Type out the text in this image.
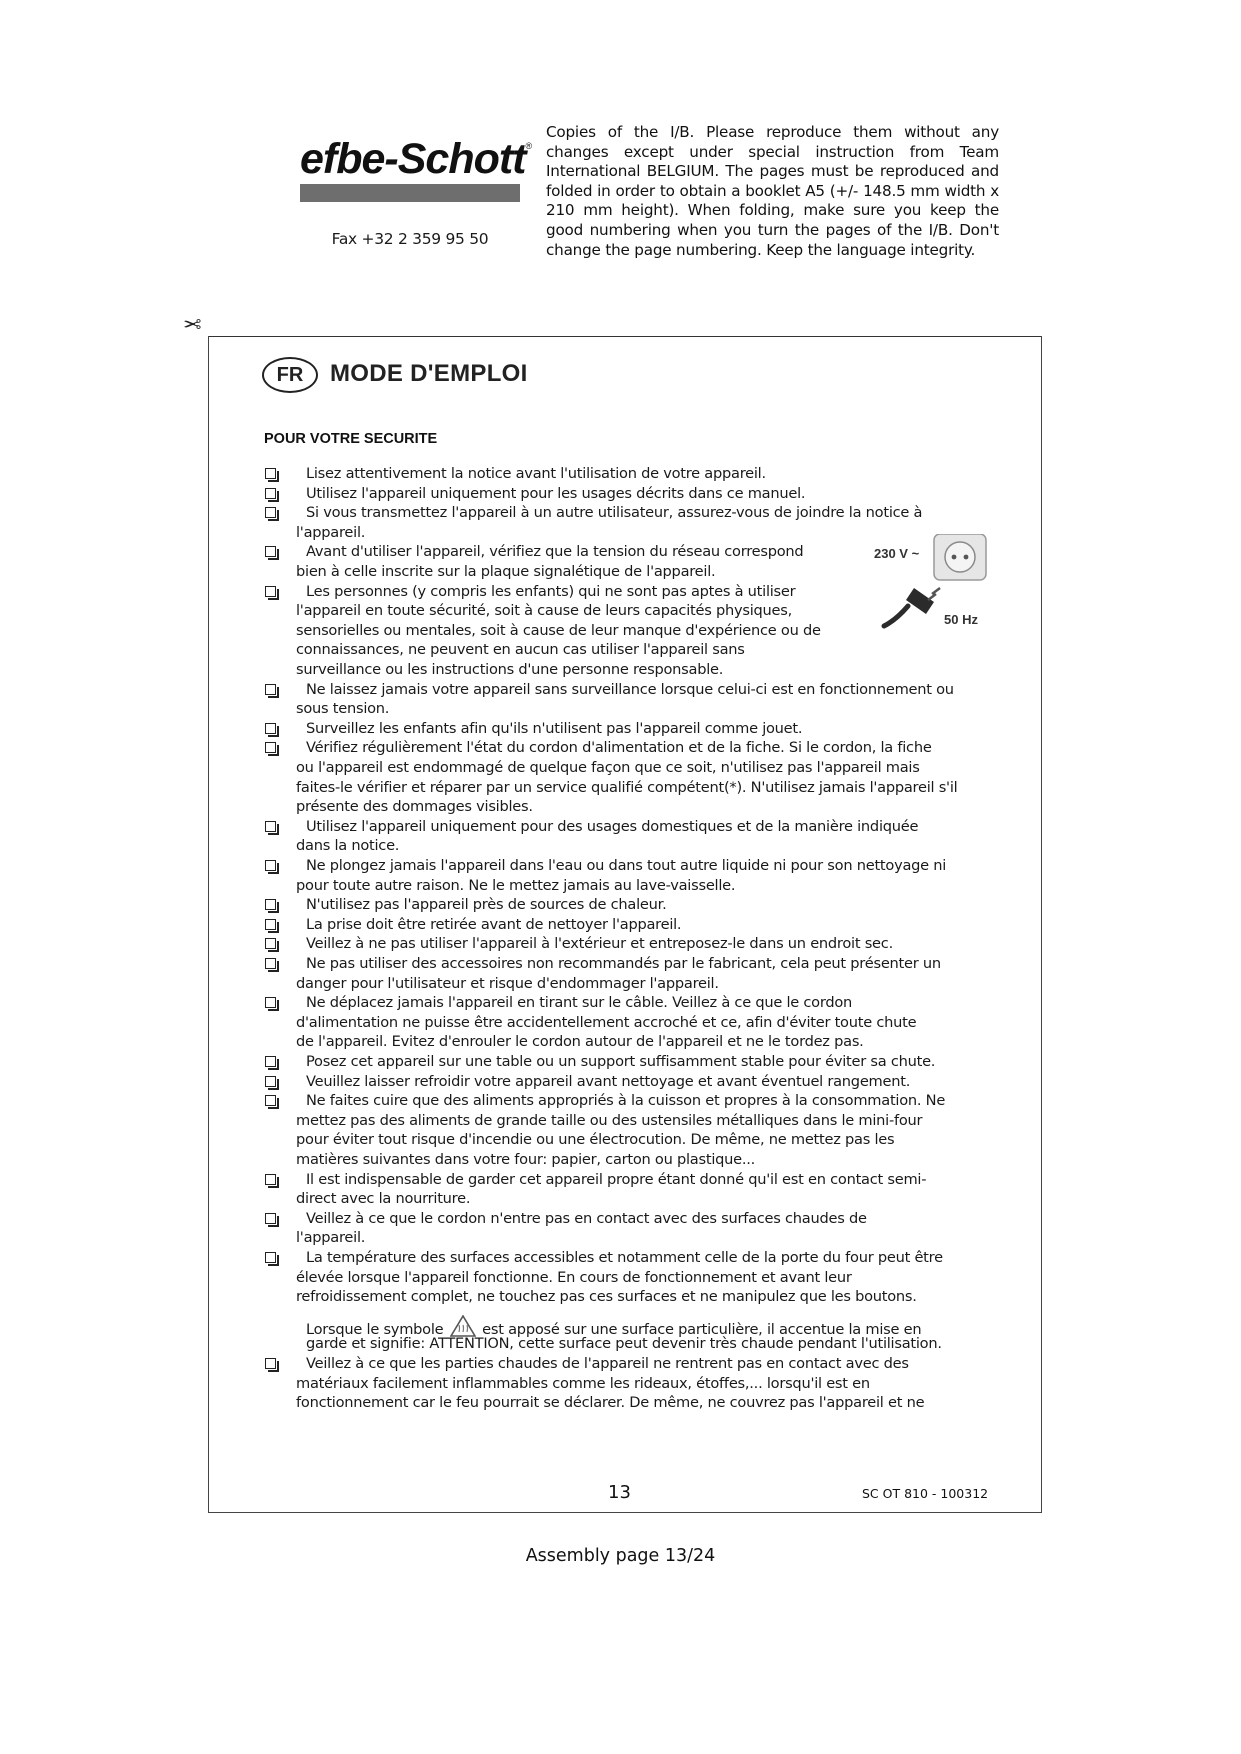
efbe-Schott®
Fax +32 2 359 95 50
Copies of the I/B. Please reproduce them without any changes except under special instruction from Team International BELGIUM. The pages must be reproduced and folded in order to obtain a booklet A5 (+/- 148.5 mm width x 210 mm height). When folding, make sure you keep the good numbering when you turn the pages of the I/B. Don't change the page numbering. Keep the language integrity.
✂
FR	MODE D'EMPLOI
POUR VOTRE SECURITE
Lisez attentivement la notice avant l'utilisation de votre appareil.
Utilisez l'appareil uniquement pour les usages décrits dans ce manuel.
Si vous transmettez l'appareil à un autre utilisateur, assurez-vous de joindre la notice à
l'appareil.
Avant d'utiliser l'appareil, vérifiez que la tension du réseau correspond
bien à celle inscrite sur la plaque signalétique de l'appareil.
Les personnes (y compris les enfants) qui ne sont pas aptes à utiliser
l'appareil en toute sécurité, soit à cause de leurs capacités physiques,
sensorielles ou mentales, soit à cause de leur manque d'expérience ou de
connaissances, ne peuvent en aucun cas utiliser l'appareil sans
surveillance ou les instructions d'une personne responsable.
Ne laissez jamais votre appareil sans surveillance lorsque celui-ci est en fonctionnement ou
sous tension.
Surveillez les enfants afin qu'ils n'utilisent pas l'appareil comme jouet.
Vérifiez régulièrement l'état du cordon d'alimentation et de la fiche. Si le cordon, la fiche
ou l'appareil est endommagé de quelque façon que ce soit, n'utilisez pas l'appareil mais
faites-le vérifier et réparer par un service qualifié compétent(*). N'utilisez jamais l'appareil s'il
présente des dommages visibles.
Utilisez l'appareil uniquement pour des usages domestiques et de la manière indiquée
dans la notice.
Ne plongez jamais l'appareil dans l'eau ou dans tout autre liquide ni pour son nettoyage ni
pour toute autre raison. Ne le mettez jamais au lave-vaisselle.
N'utilisez pas l'appareil près de sources de chaleur.
La prise doit être retirée avant de nettoyer l'appareil.
Veillez à ne pas utiliser l'appareil à l'extérieur et entreposez-le dans un endroit sec.
Ne pas utiliser des accessoires non recommandés par le fabricant, cela peut présenter un
danger pour l'utilisateur et risque d'endommager l'appareil.
Ne déplacez jamais l'appareil en tirant sur le câble. Veillez à ce que le cordon
d'alimentation ne puisse être accidentellement accroché et ce, afin d'éviter toute chute
de l'appareil. Evitez d'enrouler le cordon autour de l'appareil et ne le tordez pas.
Posez cet appareil sur une table ou un support suffisamment stable pour éviter sa chute.
Veuillez laisser refroidir votre appareil avant nettoyage et avant éventuel rangement.
Ne faites cuire que des aliments appropriés à la cuisson et propres à la consommation. Ne
mettez pas des aliments de grande taille ou des ustensiles métalliques dans le mini-four
pour éviter tout risque d'incendie ou une électrocution. De même, ne mettez pas les
matières suivantes dans votre four: papier, carton ou plastique...
Il est indispensable de garder cet appareil propre étant donné qu'il est en contact semi-
direct avec la nourriture.
Veillez à ce que le cordon n'entre pas en contact avec des surfaces chaudes de
l'appareil.
La température des surfaces accessibles et notamment celle de la porte du four peut être
élevée lorsque l'appareil fonctionne. En cours de fonctionnement et avant leur
refroidissement complet, ne touchez pas ces surfaces et ne manipulez que les boutons.
Lorsque le symbole	est apposé sur une surface particulière, il accentue la mise en
garde et signifie: ATTENTION, cette surface peut devenir très chaude pendant l'utilisation.
Veillez à ce que les parties chaudes de l'appareil ne rentrent pas en contact avec des
matériaux facilement inflammables comme les rideaux, étoffes,... lorsqu'il est en
fonctionnement car le feu pourrait se déclarer. De même, ne couvrez pas l'appareil et ne
230 V ~
50 Hz
13	SC OT 810 - 100312
Assembly page 13/24
